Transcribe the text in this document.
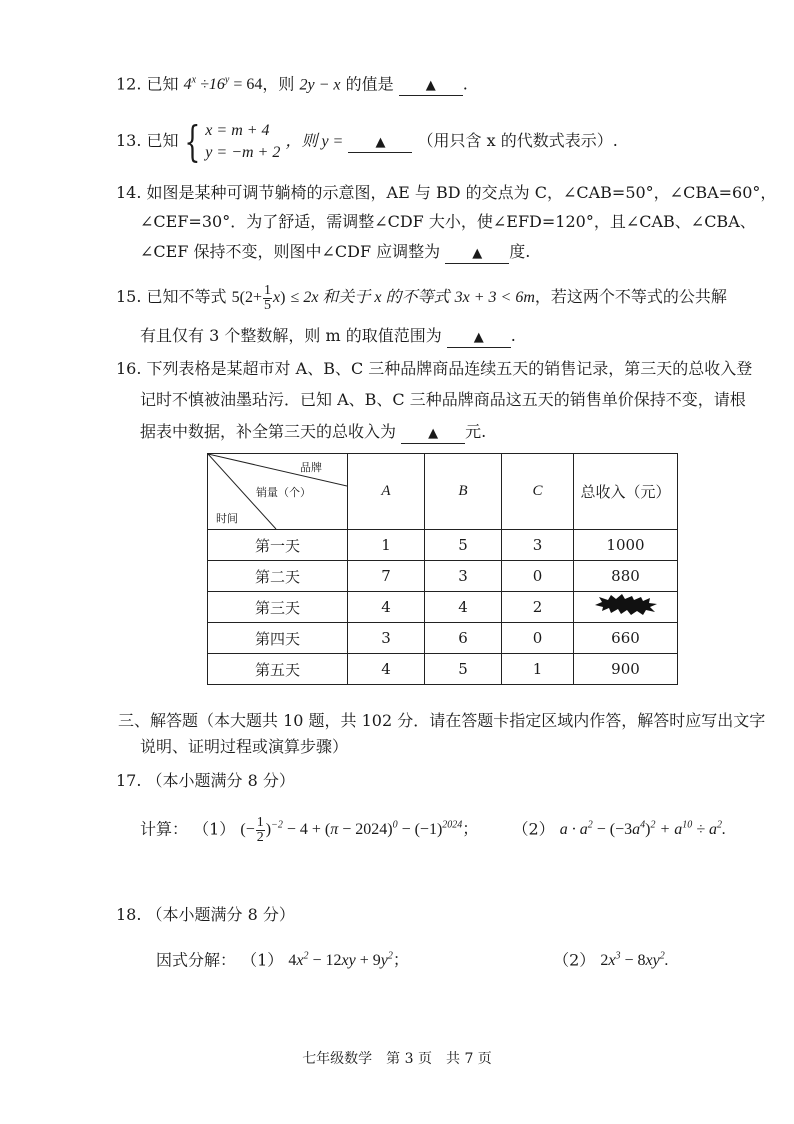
12. 已知 $4^x \div 16^y = 64$，则 2y − x 的值是 ▲ .
13. 已知 { x = m + 4
y = −m + 2
，则 y = ▲ （用只含 x 的代数式表示）.
14. 如图是某种可调节躺椅的示意图，AE 与 BD 的交点为 C，∠CAB=50°，∠CBA=60°，
∠CEF=30°．为了舒适，需调整∠CDF 大小，使∠EFD=120°，且∠CAB、∠CBA、
∠CEF 保持不变，则图中∠CDF 应调整为 ▲ 度.
15. 已知不等式 $5(2+ \frac{1}{5} x) \le 2x$ 和关于 x 的不等式 3x + 3 < 6m，若这两个不等式的公共解
有且仅有 3 个整数解，则 m 的取值范围为 ▲ .
16. 下列表格是某超市对 A、B、C 三种品牌商品连续五天的销售记录，第三天的总收入登
记时不慎被油墨玷污．已知 A、B、C 三种品牌商品这五天的销售单价保持不变，请根
据表中数据，补全第三天的总收入为 ▲ 元.
品牌
销量（个）
时间	A	B	C	总收入（元）
第一天	1	5	3	1000
第二天	7	3	0	880
第三天	4	4	2	
第四天	3	6	0	660
第五天	4	5	1	900
三、解答题（本大题共 10 题，共 102 分．请在答题卡指定区域内作答，解答时应写出文字
说明、证明过程或演算步骤）
17. （本小题满分 8 分）
计算： （1） (− $\frac{1}{2} )^{-2} - 4 + (\pi - 2024)^0 - (-1)^{2024}$； （2） $a \cdot a^2 - (-3a^4)^2 + a^{10} \div a^2$.
18. （本小题满分 8 分）
因式分解： （1） $4x^2 - 12xy + 9y^2$；	（2） $2x^3 - 8xy^2$.
七年级数学　第 3 页　共 7 页
